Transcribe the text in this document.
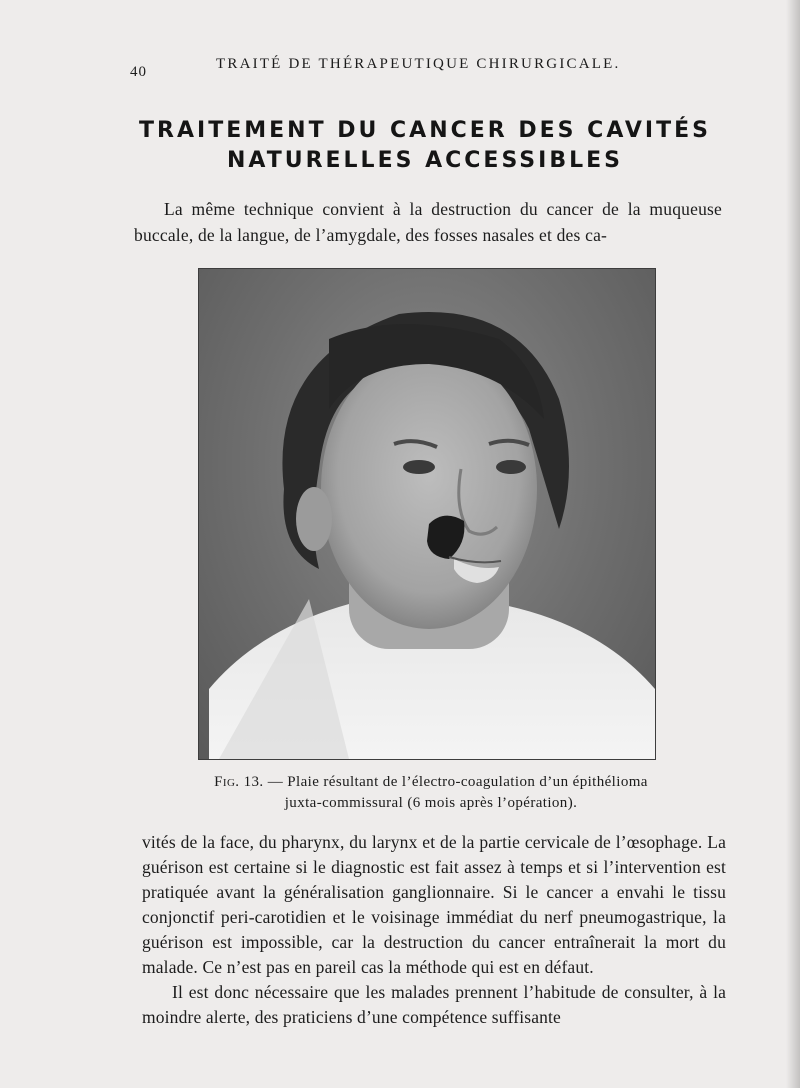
40	TRAITÉ DE THÉRAPEUTIQUE CHIRURGICALE.
TRAITEMENT DU CANCER DES CAVITÉS
NATURELLES ACCESSIBLES

La même technique convient à la destruction du cancer de la muqueuse buccale, de la langue, de l’amygdale, des fosses nasales et des ca-

Fig. 13. — Plaie résultant de l’électro-coagulation d’un épithélioma juxta-commissural (6 mois après l’opération).

vités de la face, du pharynx, du larynx et de la partie cervicale de l’œsophage. La guérison est certaine si le diagnostic est fait assez à temps et si l’intervention est pratiquée avant la généralisation ganglionnaire. Si le cancer a envahi le tissu conjonctif peri-carotidien et le voisinage immédiat du nerf pneumogastrique, la guérison est impossible, car la destruction du cancer entraînerait la mort du malade. Ce n’est pas en pareil cas la méthode qui est en défaut.

Il est donc nécessaire que les malades prennent l’habitude de consulter, à la moindre alerte, des praticiens d’une compétence suffisante
